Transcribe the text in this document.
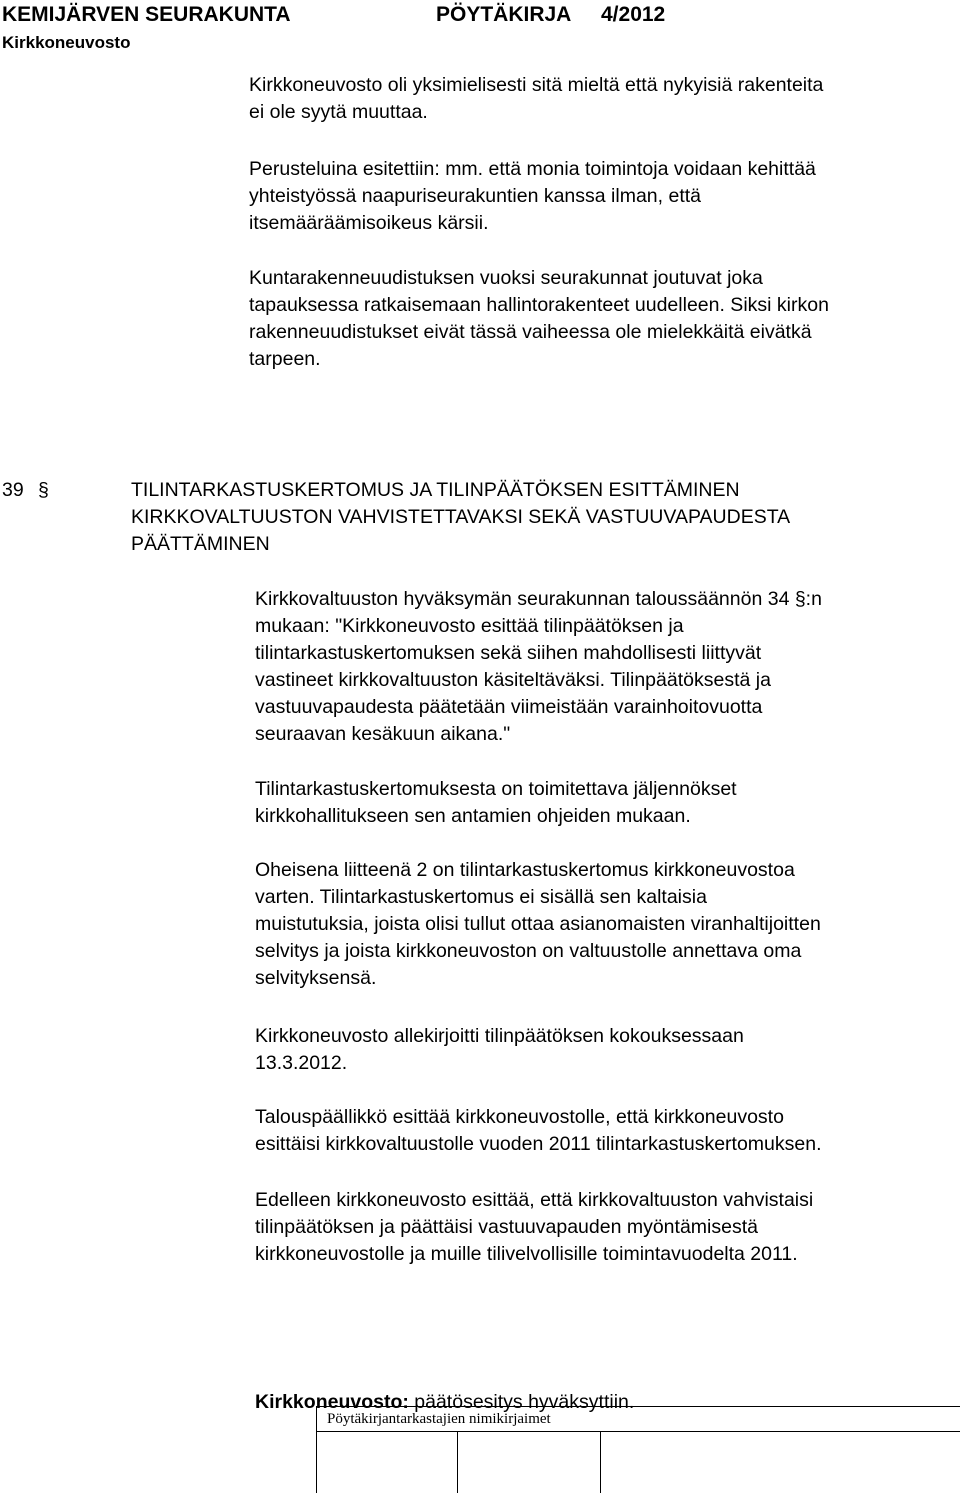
KEMIJÄRVEN SEURAKUNTA	PÖYTÄKIRJA 4/2012
Kirkkoneuvosto
Kirkkoneuvosto oli yksimielisesti sitä mieltä että nykyisiä rakenteita
ei ole syytä muuttaa.
Perusteluina esitettiin: mm. että monia toimintoja voidaan kehittää
yhteistyössä naapuriseurakuntien kanssa ilman, että
itsemääräämisoikeus kärsii.
Kuntarakenneuudistuksen vuoksi seurakunnat joutuvat joka
tapauksessa ratkaisemaan hallintorakenteet uudelleen. Siksi kirkon
rakenneuudistukset eivät tässä vaiheessa ole mielekkäitä eivätkä
tarpeen.
39 §	TILINTARKASTUSKERTOMUS JA TILINPÄÄTÖKSEN ESITTÄMINEN
KIRKKOVALTUUSTON VAHVISTETTAVAKSI SEKÄ VASTUUVAPAUDESTA
PÄÄTTÄMINEN
Kirkkovaltuuston hyväksymän seurakunnan taloussäännön 34 §:n
mukaan: "Kirkkoneuvosto esittää tilinpäätöksen ja
tilintarkastuskertomuksen sekä siihen mahdollisesti liittyvät
vastineet kirkkovaltuuston käsiteltäväksi. Tilinpäätöksestä ja
vastuuvapaudesta päätetään viimeistään varainhoitovuotta
seuraavan kesäkuun aikana."
Tilintarkastuskertomuksesta on toimitettava jäljennökset
kirkkohallitukseen sen antamien ohjeiden mukaan.
Oheisena liitteenä 2 on tilintarkastuskertomus kirkkoneuvostoa
varten. Tilintarkastuskertomus ei sisällä sen kaltaisia
muistutuksia, joista olisi tullut ottaa asianomaisten viranhaltijoitten
selvitys ja joista kirkkoneuvoston on valtuustolle annettava oma
selvityksensä.
Kirkkoneuvosto allekirjoitti tilinpäätöksen kokouksessaan
13.3.2012.
Talouspäällikkö esittää kirkkoneuvostolle, että kirkkoneuvosto
esittäisi kirkkovaltuustolle vuoden 2011 tilintarkastuskertomuksen.
Edelleen kirkkoneuvosto esittää, että kirkkovaltuuston vahvistaisi
tilinpäätöksen ja päättäisi vastuuvapauden myöntämisestä
kirkkoneuvostolle ja muille tilivelvollisille toimintavuodelta 2011.
Kirkkoneuvosto: päätösesitys hyväksyttiin.
Pöytäkirjantarkastajien nimikirjaimet
